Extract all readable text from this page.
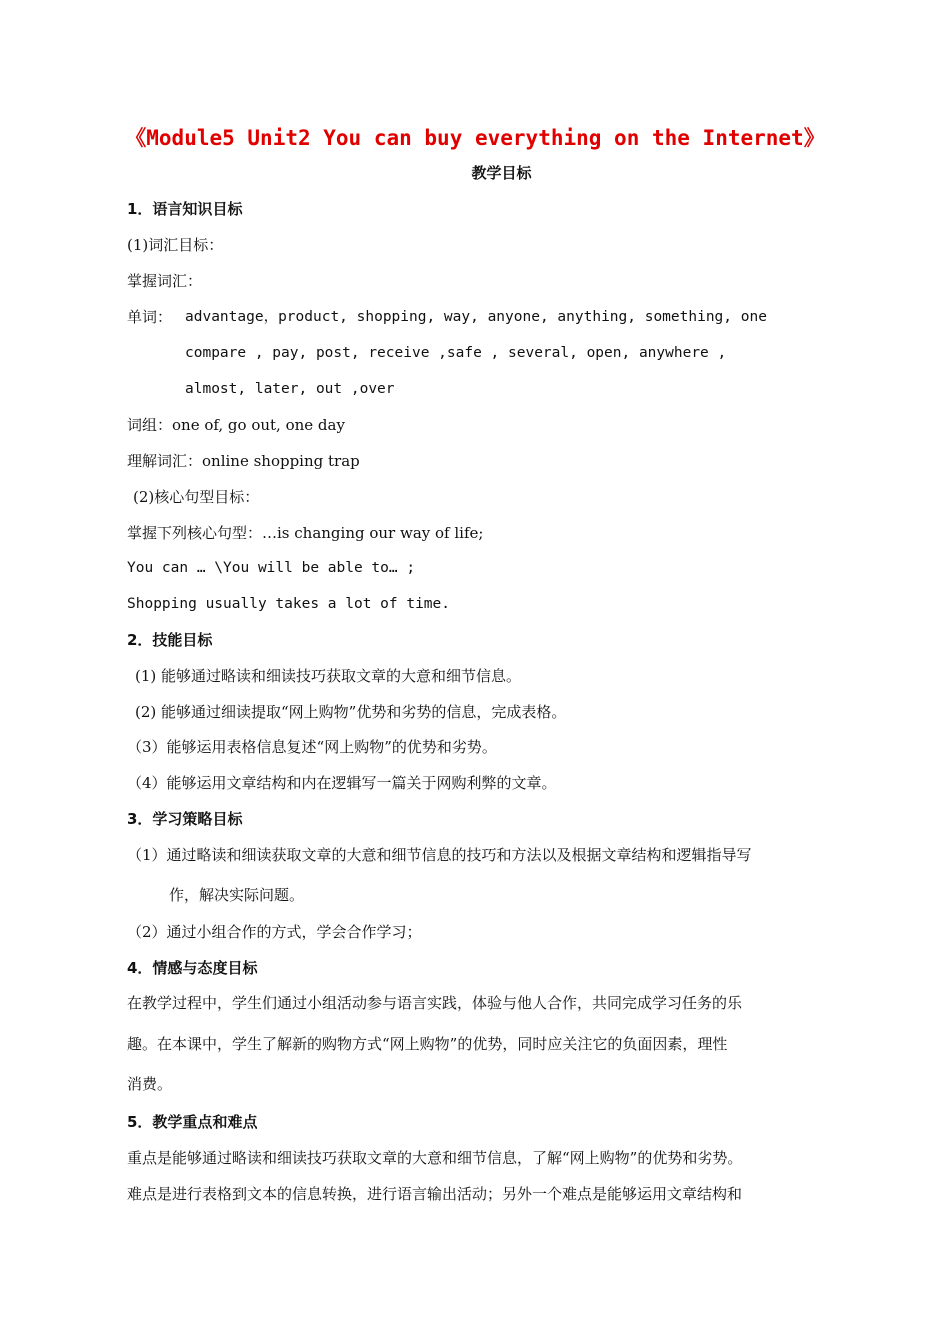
《Module5 Unit2 You can buy everything on the Internet》
教学目标
1．语言知识目标
(1)词汇目标：
掌握词汇：
单词： advantage，product, shopping, way, anyone, anything, something, one
compare , pay, post, receive ,safe , several, open, anywhere ,
almost, later, out ,over
词组：one of, go out, one day
理解词汇：online shopping trap
(2)核心句型目标：
掌握下列核心句型：…is changing our way of life;
You can … \You will be able to… ;
Shopping usually takes a lot of time.
2．技能目标
(1) 能够通过略读和细读技巧获取文章的大意和细节信息。
(2) 能够通过细读提取“网上购物”优势和劣势的信息，完成表格。
（3）能够运用表格信息复述“网上购物”的优势和劣势。
（4）能够运用文章结构和内在逻辑写一篇关于网购利弊的文章。
3．学习策略目标
（1）通过略读和细读获取文章的大意和细节信息的技巧和方法以及根据文章结构和逻辑指导写
作，解决实际问题。
（2）通过小组合作的方式，学会合作学习；
4．情感与态度目标
在教学过程中，学生们通过小组活动参与语言实践，体验与他人合作，共同完成学习任务的乐
趣。在本课中，学生了解新的购物方式“网上购物”的优势，同时应关注它的负面因素，理性
消费。
5．教学重点和难点
重点是能够通过略读和细读技巧获取文章的大意和细节信息，了解“网上购物”的优势和劣势。
难点是进行表格到文本的信息转换，进行语言输出活动；另外一个难点是能够运用文章结构和
